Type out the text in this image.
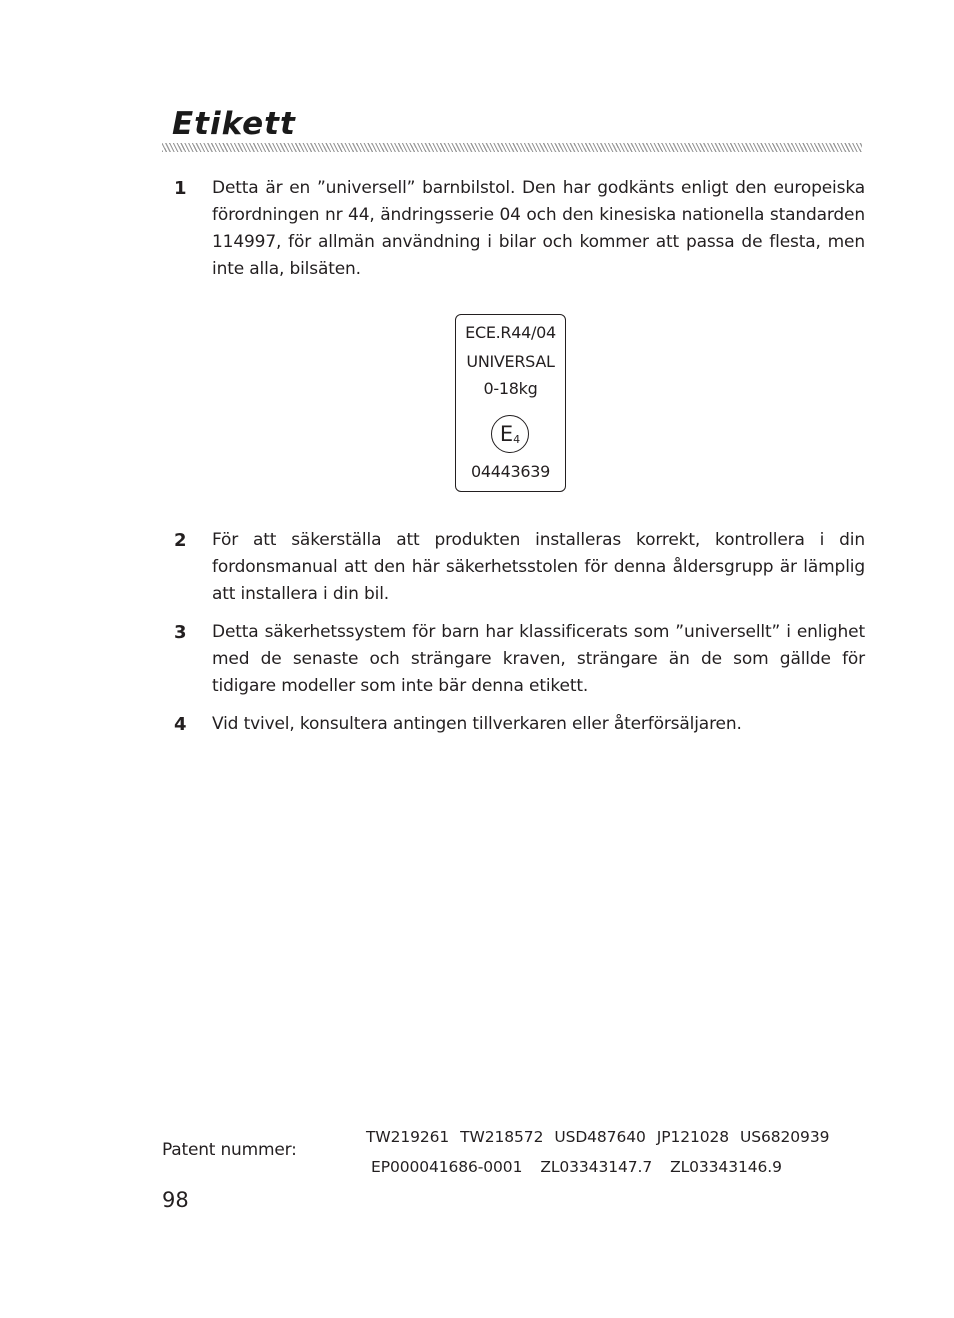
Etikett
1	Detta är en ”universell” barnbilstol. Den har godkänts enligt den europeiska förordningen nr 44, ändringsserie 04 och den kinesiska nationella standarden 114997, för allmän användning i bilar och kommer att passa de flesta, men inte alla, bilsäten.
ECE.R44/04
UNIVERSAL
0-18kg
$E_4$
04443639
2	För att säkerställa att produkten installeras korrekt, kontrollera i din fordonsmanual att den här säkerhetsstolen för denna åldersgrupp är lämplig att installera i din bil.
3	Detta säkerhetssystem för barn har klassificerats som ”universellt” i enlighet med de senaste och strängare kraven, strängare än de som gällde för tidigare modeller som inte bär denna etikett.
4	Vid tvivel, konsultera antingen tillverkaren eller återförsäljaren.
Patent nummer:
TW219261 TW218572 USD487640 JP121028 US6820939
EP000041686-0001 ZL03343147.7 ZL03343146.9
98
